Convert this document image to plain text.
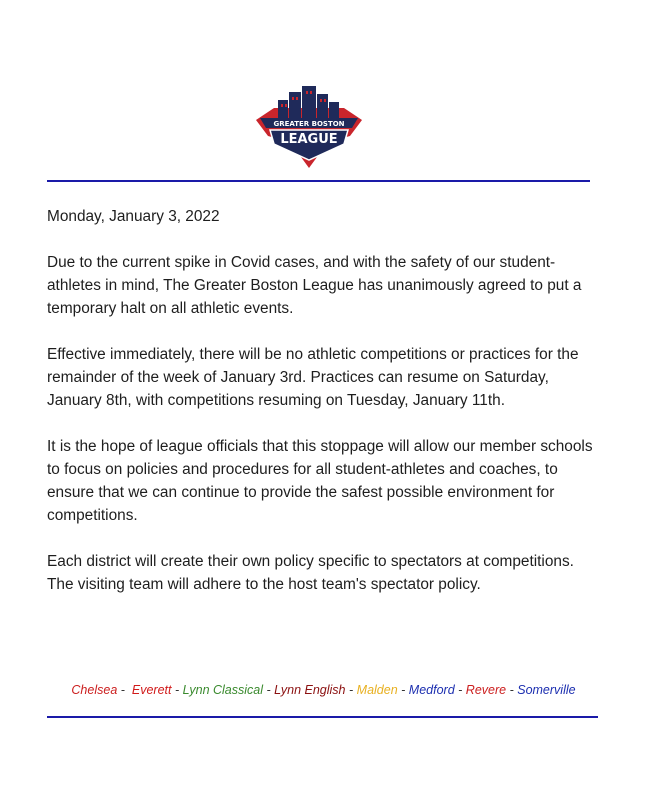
GREATER BOSTON
LEAGUE

Monday, January 3, 2022

Due to the current spike in Covid cases, and with the safety of our student-athletes in mind, The Greater Boston League has unanimously agreed to put a temporary halt on all athletic events.

Effective immediately, there will be no athletic competitions or practices for the remainder of the week of January 3rd. Practices can resume on Saturday, January 8th, with competitions resuming on Tuesday, January 11th.

It is the hope of league officials that this stoppage will allow our member schools to focus on policies and procedures for all student-athletes and coaches, to ensure that we can continue to provide the safest possible environment for competitions.

Each district will create their own policy specific to spectators at competitions. The visiting team will adhere to the host team's spectator policy.

Chelsea - Everett - Lynn Classical - Lynn English - Malden - Medford - Revere - Somerville
